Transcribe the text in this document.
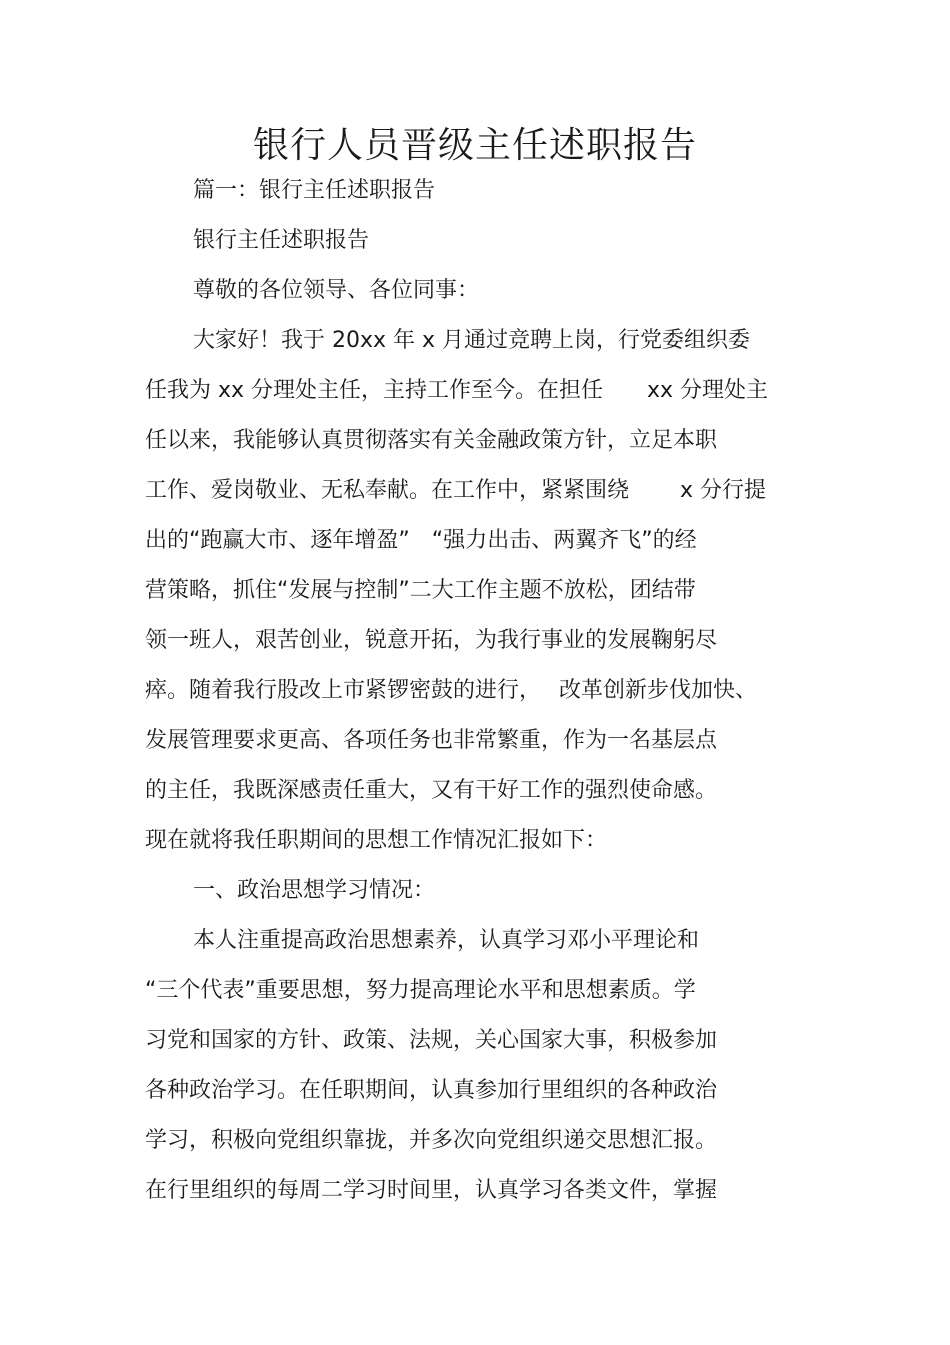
银行人员晋级主任述职报告
篇一：银行主任述职报告
银行主任述职报告
尊敬的各位领导、各位同事：
大家好！我于 20xx 年 x 月通过竞聘上岗，行党委组织委
任我为 xx 分理处主任，主持工作至今。在担任　　xx 分理处主
任以来，我能够认真贯彻落实有关金融政策方针，立足本职
工作、爱岗敬业、无私奉献。在工作中，紧紧围绕　　 x 分行提
出的“跑赢大市、逐年增盈”　“强力出击、两翼齐飞”的经
营策略，抓住“发展与控制”二大工作主题不放松，团结带
领一班人，艰苦创业，锐意开拓，为我行事业的发展鞠躬尽
瘁。随着我行股改上市紧锣密鼓的进行，　 改革创新步伐加快、
发展管理要求更高、各项任务也非常繁重，作为一名基层点
的主任，我既深感责任重大，又有干好工作的强烈使命感。
现在就将我任职期间的思想工作情况汇报如下：
一、政治思想学习情况：
本人注重提高政治思想素养，认真学习邓小平理论和
“三个代表”重要思想，努力提高理论水平和思想素质。学
习党和国家的方针、政策、法规，关心国家大事，积极参加
各种政治学习。在任职期间，认真参加行里组织的各种政治
学习，积极向党组织靠拢，并多次向党组织递交思想汇报。
在行里组织的每周二学习时间里，认真学习各类文件，掌握
